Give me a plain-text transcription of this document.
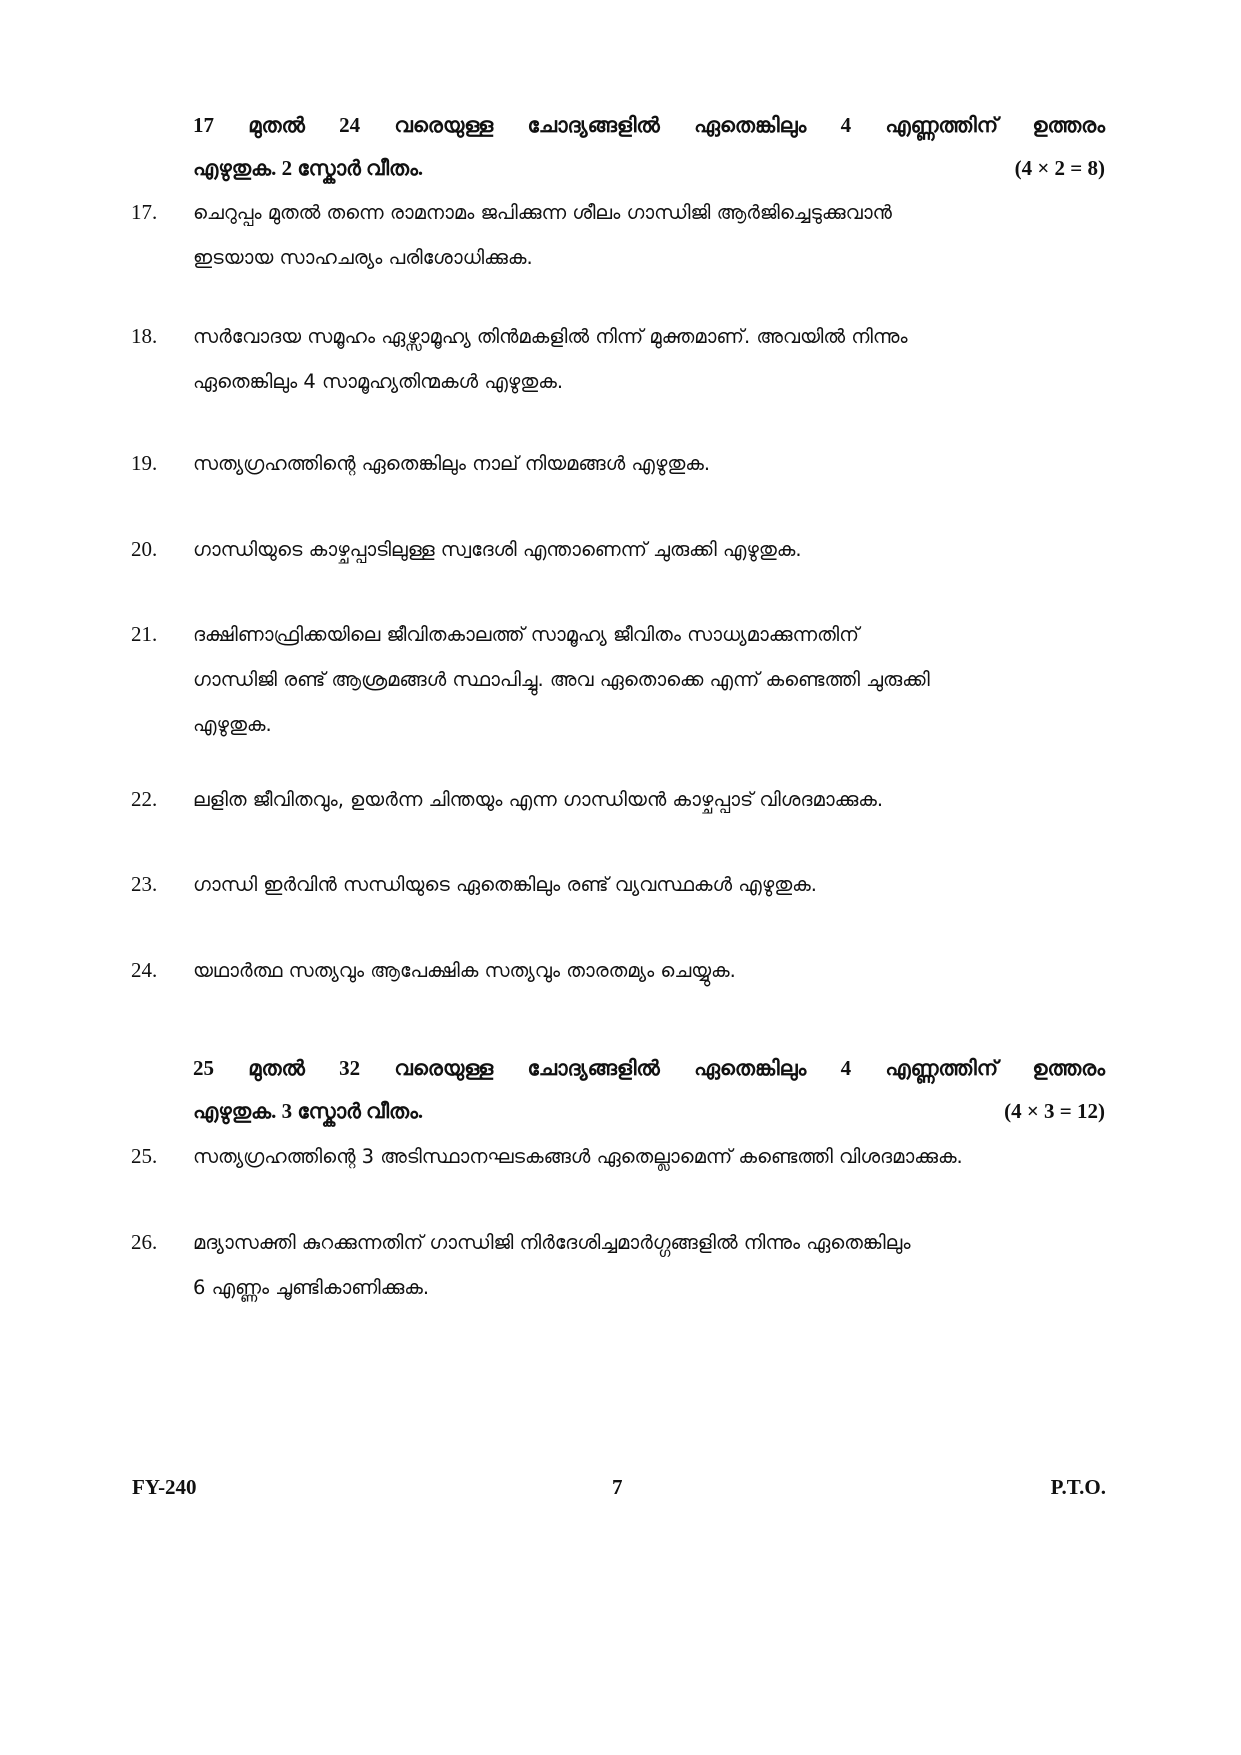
17 മുതൽ 24 വരെയുള്ള ചോദ്യങ്ങളിൽ ഏതെങ്കിലും 4 എണ്ണത്തിന് ഉത്തരം
എഴുതുക. 2 സ്കോർ വീതം.	(4 × 2 = 8)
17.	ചെറുപ്പം മുതൽ തന്നെ രാമനാമം ജപിക്കുന്ന ശീലം ഗാന്ധിജി ആർജിച്ചെടുക്കുവാൻ
ഇടയായ സാഹചര്യം പരിശോധിക്കുക.
18.	സർവോദയ സമൂഹം ഏഴ്സാമൂഹ്യ തിൻമകളിൽ നിന്ന് മുക്തമാണ്. അവയിൽ നിന്നും
ഏതെങ്കിലും 4 സാമൂഹ്യതിന്മകൾ എഴുതുക.
19.	സത്യഗ്രഹത്തിന്റെ ഏതെങ്കിലും നാല് നിയമങ്ങൾ എഴുതുക.
20.	ഗാന്ധിയുടെ കാഴ്ചപ്പാടിലുള്ള സ്വദേശി എന്താണെന്ന് ചുരുക്കി എഴുതുക.
21.	ദക്ഷിണാഫ്രിക്കയിലെ ജീവിതകാലത്ത് സാമൂഹ്യ ജീവിതം സാധ്യമാക്കുന്നതിന്
ഗാന്ധിജി രണ്ട് ആശ്രമങ്ങൾ സ്ഥാപിച്ചു. അവ ഏതൊക്കെ എന്ന് കണ്ടെത്തി ചുരുക്കി
എഴുതുക.
22.	ലളിത ജീവിതവും, ഉയർന്ന ചിന്തയും എന്ന ഗാന്ധിയൻ കാഴ്ചപ്പാട് വിശദമാക്കുക.
23.	ഗാന്ധി ഇർവിൻ സന്ധിയുടെ ഏതെങ്കിലും രണ്ട് വ്യവസ്ഥകൾ എഴുതുക.
24.	യഥാർത്ഥ സത്യവും ആപേക്ഷിക സത്യവും താരതമ്യം ചെയ്യുക.
25 മുതൽ 32 വരെയുള്ള ചോദ്യങ്ങളിൽ ഏതെങ്കിലും 4 എണ്ണത്തിന് ഉത്തരം
എഴുതുക. 3 സ്കോർ വീതം.	(4 × 3 = 12)
25.	സത്യഗ്രഹത്തിന്റെ 3 അടിസ്ഥാനഘടകങ്ങൾ ഏതെല്ലാമെന്ന് കണ്ടെത്തി വിശദമാക്കുക.
26.	മദ്യാസക്തി കുറക്കുന്നതിന് ഗാന്ധിജി നിർദേശിച്ചമാർഗ്ഗങ്ങളിൽ നിന്നും ഏതെങ്കിലും
6 എണ്ണം ചൂണ്ടികാണിക്കുക.
FY-240	7	P.T.O.
